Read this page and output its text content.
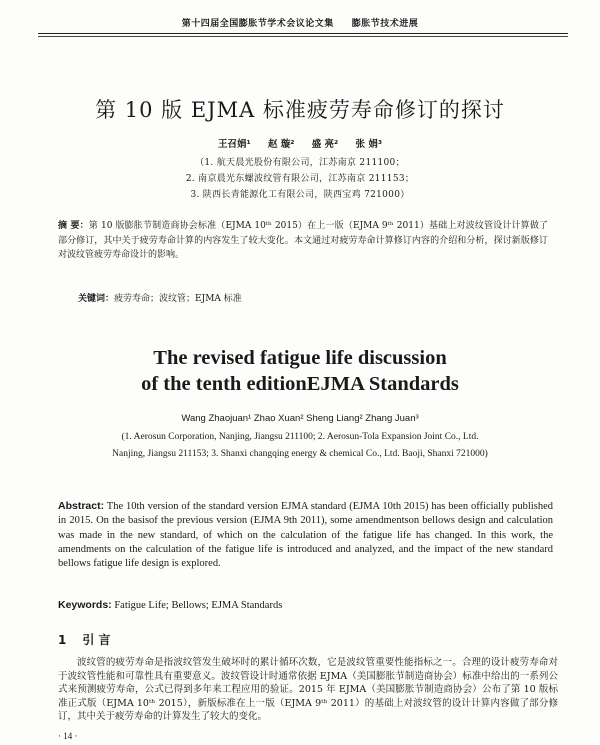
第十四届全国膨胀节学术会议论文集 膨胀节技术进展
第 10 版 EJMA 标准疲劳寿命修订的探讨
王召娟¹ 赵 璇² 盛 亮² 张 娟³
（1. 航天晨光股份有限公司，江苏南京 211100；
2. 南京晨光东螺波纹管有限公司，江苏南京 211153；
3. 陕西长青能源化工有限公司，陕西宝鸡 721000）
摘 要：第 10 版膨胀节制造商协会标准（EJMA 10ᵗʰ 2015）在上一版（EJMA 9ᵗʰ 2011）基础上对波纹管设计计算做了部分修订，其中关于疲劳寿命计算的内容发生了较大变化。本文通过对疲劳寿命计算修订内容的介绍和分析，探讨新版修订对波纹管疲劳寿命设计的影响。
关键词：疲劳寿命；波纹管；EJMA 标准
The revised fatigue life discussion
of the tenth editionEJMA Standards
Wang Zhaojuan¹ Zhao Xuan² Sheng Liang² Zhang Juan³
(1. Aerosun Corporation, Nanjing, Jiangsu 211100; 2. Aerosun-Tola Expansion Joint Co., Ltd.
Nanjing, Jiangsu 211153; 3. Shanxi changqing energy & chemical Co., Ltd. Baoji, Shanxi 721000)
Abstract: The 10th version of the standard version EJMA standard (EJMA 10th 2015) has been officially published in 2015. On the basisof the previous version (EJMA 9th 2011), some amendmentson bellows design and calculation was made in the new standard, of which on the calculation of the fatigue life has changed. In this work, the amendments on the calculation of the fatigue life is introduced and analyzed, and the impact of the new standard bellows fatigue life design is explored.
Keywords: Fatigue Life; Bellows; EJMA Standards
1 引 言

波纹管的疲劳寿命是指波纹管发生破坏时的累计循环次数，它是波纹管重要性能指标之一。合理的设计疲劳寿命对于波纹管性能和可靠性具有重要意义。波纹管设计时通常依据 EJMA（美国膨胀节制造商协会）标准中给出的一系列公式来预测疲劳寿命，公式已得到多年来工程应用的验证。2015 年 EJMA（美国膨胀节制造商协会）公布了第 10 版标准正式版（EJMA 10ᵗʰ 2015），新版标准在上一版（EJMA 9ᵗʰ 2011）的基础上对波纹管的设计计算内容做了部分修订，其中关于疲劳寿命的计算发生了较大的变化。

· 14 ·
